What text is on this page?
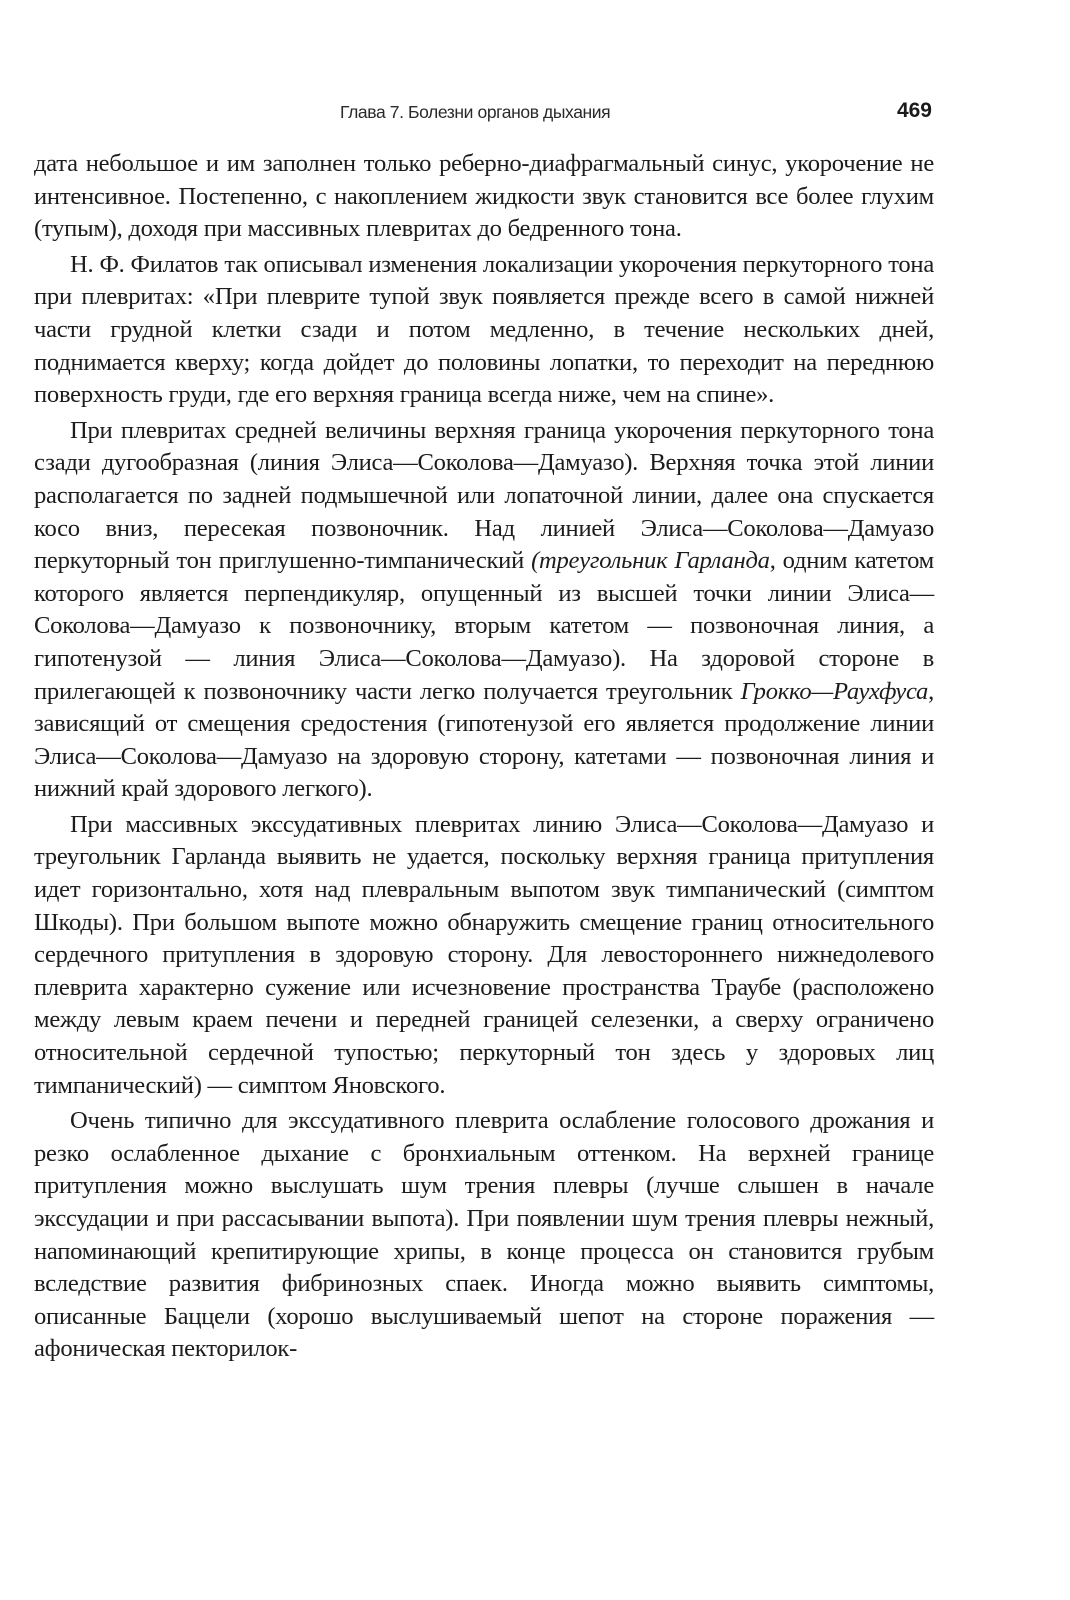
Глава 7. Болезни органов дыхания	469

дата небольшое и им заполнен только реберно-диафрагмальный синус, укорочение не интенсивное. Постепенно, с накоплением жидкости звук становится все более глухим (тупым), доходя при массивных плевритах до бедренного тона.

Н. Ф. Филатов так описывал изменения локализации укорочения перкуторного тона при плевритах: «При плеврите тупой звук появляется прежде всего в самой нижней части грудной клетки сзади и потом медленно, в течение нескольких дней, поднимается кверху; когда дойдет до половины лопатки, то переходит на переднюю поверхность груди, где его верхняя граница всегда ниже, чем на спине».

При плевритах средней величины верхняя граница укорочения перкуторного тона сзади дугообразная (линия Элиса—Соколова—Дамуазо). Верхняя точка этой линии располагается по задней подмышечной или лопаточной линии, далее она спускается косо вниз, пересекая позвоночник. Над линией Элиса—Соколова—Дамуазо перкуторный тон приглушенно-тимпанический (треугольник Гарланда, одним катетом которого является перпендикуляр, опущенный из высшей точки линии Элиса—Соколова—Дамуазо к позвоночнику, вторым катетом — позвоночная линия, а гипотенузой — линия Элиса—Соколова—Дамуазо). На здоровой стороне в прилегающей к позвоночнику части легко получается треугольник Грокко—Раухфуса, зависящий от смещения средостения (гипотенузой его является продолжение линии Элиса—Соколова—Дамуазо на здоровую сторону, катетами — позвоночная линия и нижний край здорового легкого).

При массивных экссудативных плевритах линию Элиса—Соколова—Дамуазо и треугольник Гарланда выявить не удается, поскольку верхняя граница притупления идет горизонтально, хотя над плевральным выпотом звук тимпанический (симптом Шкоды). При большом выпоте можно обнаружить смещение границ относительного сердечного притупления в здоровую сторону. Для левостороннего нижнедолевого плеврита характерно сужение или исчезновение пространства Траубе (расположено между левым краем печени и передней границей селезенки, а сверху ограничено относительной сердечной тупостью; перкуторный тон здесь у здоровых лиц тимпанический) — симптом Яновского.

Очень типично для экссудативного плеврита ослабление голосового дрожания и резко ослабленное дыхание с бронхиальным оттенком. На верхней границе притупления можно выслушать шум трения плевры (лучше слышен в начале экссудации и при рассасывании выпота). При появлении шум трения плевры нежный, напоминающий крепитирующие хрипы, в конце процесса он становится грубым вследствие развития фибринозных спаек. Иногда можно выявить симптомы, описанные Баццели (хорошо выслушиваемый шепот на стороне поражения — афоническая пекторилок-
